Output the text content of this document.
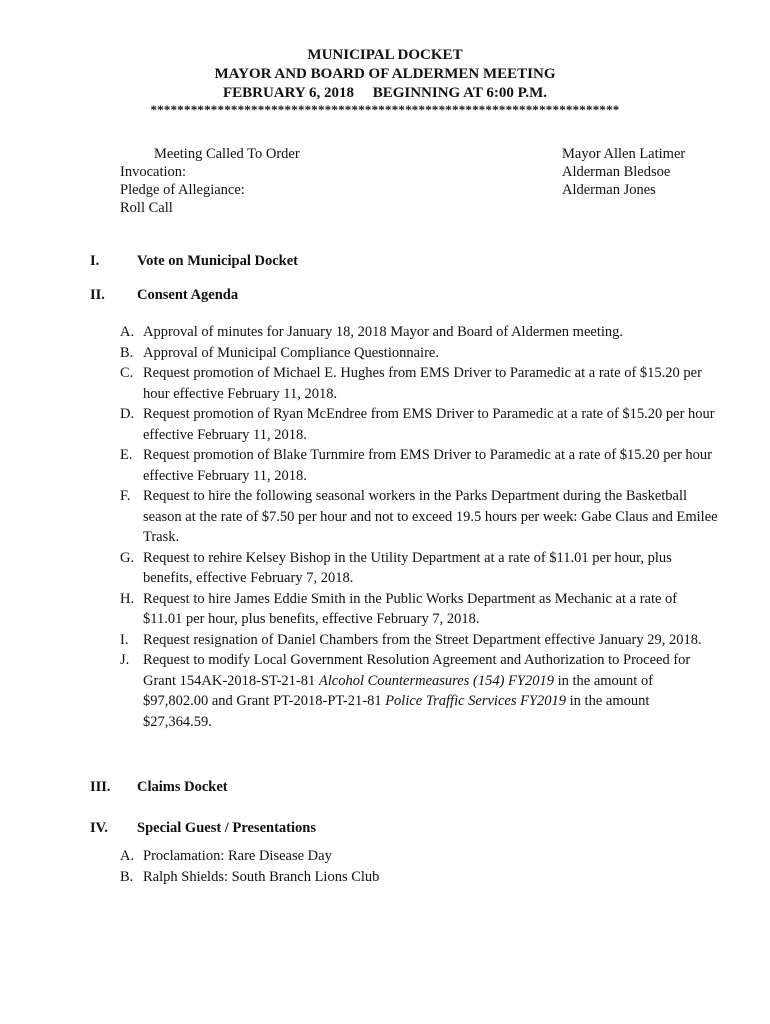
MUNICIPAL DOCKET
MAYOR AND BOARD OF ALDERMEN MEETING
FEBRUARY 6, 2018     BEGINNING AT 6:00 P.M.
**********************************************************************
Meeting Called To Order
Invocation:
Pledge of Allegiance:
Roll Call
Mayor Allen Latimer
Alderman Bledsoe
Alderman Jones
I.	Vote on Municipal Docket
II. Consent Agenda
A. Approval of minutes for January 18, 2018 Mayor and Board of Aldermen meeting.
B. Approval of Municipal Compliance Questionnaire.
C. Request promotion of Michael E. Hughes from EMS Driver to Paramedic at a rate of $15.20 per hour effective February 11, 2018.
D. Request promotion of Ryan McEndree from EMS Driver to Paramedic at a rate of $15.20 per hour effective February 11, 2018.
E. Request promotion of Blake Turnmire from EMS Driver to Paramedic at a rate of $15.20 per hour effective February 11, 2018.
F. Request to hire the following seasonal workers in the Parks Department during the Basketball season at the rate of $7.50 per hour and not to exceed 19.5 hours per week: Gabe Claus and Emilee Trask.
G. Request to rehire Kelsey Bishop in the Utility Department at a rate of $11.01 per hour, plus benefits, effective February 7, 2018.
H. Request to hire James Eddie Smith in the Public Works Department as Mechanic at a rate of $11.01 per hour, plus benefits, effective February 7, 2018.
I.	Request resignation of Daniel Chambers from the Street Department effective January 29, 2018.
J. Request to modify Local Government Resolution Agreement and Authorization to Proceed for Grant 154AK-2018-ST-21-81 Alcohol Countermeasures (154) FY2019 in the amount of $97,802.00 and Grant PT-2018-PT-21-81 Police Traffic Services FY2019 in the amount $27,364.59.
III. Claims Docket
IV. Special Guest / Presentations
A. Proclamation: Rare Disease Day
B. Ralph Shields: South Branch Lions Club
